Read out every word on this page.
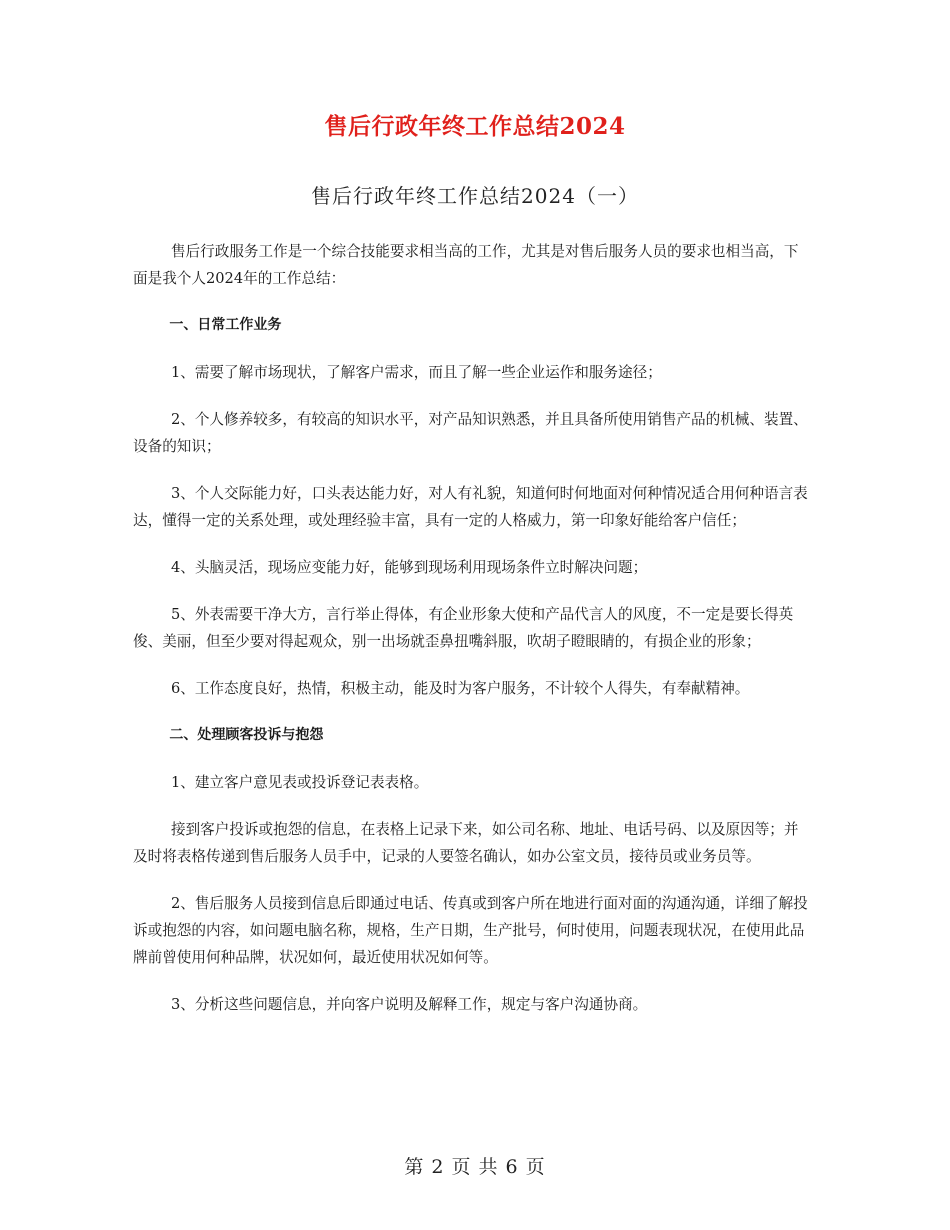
售后行政年终工作总结2024
售后行政年终工作总结2024（一）

售后行政服务工作是一个综合技能要求相当高的工作，尤其是对售后服务人员的要求也相当高，下面是我个人2024年的工作总结：

一、日常工作业务

1、需要了解市场现状，了解客户需求，而且了解一些企业运作和服务途径；

2、个人修养较多，有较高的知识水平，对产品知识熟悉，并且具备所使用销售产品的机械、装置、设备的知识；

3、个人交际能力好，口头表达能力好，对人有礼貌，知道何时何地面对何种情况适合用何种语言表达，懂得一定的关系处理，或处理经验丰富，具有一定的人格威力，第一印象好能给客户信任；

4、头脑灵活，现场应变能力好，能够到现场利用现场条件立时解决问题；

5、外表需要干净大方，言行举止得体，有企业形象大使和产品代言人的风度，不一定是要长得英俊、美丽，但至少要对得起观众，别一出场就歪鼻扭嘴斜服，吹胡子瞪眼睛的，有损企业的形象；

6、工作态度良好，热情，积极主动，能及时为客户服务，不计较个人得失，有奉献精神。

二、处理顾客投诉与抱怨

1、建立客户意见表或投诉登记表表格。

接到客户投诉或抱怨的信息，在表格上记录下来，如公司名称、地址、电话号码、以及原因等；并及时将表格传递到售后服务人员手中，记录的人要签名确认，如办公室文员，接待员或业务员等。

2、售后服务人员接到信息后即通过电话、传真或到客户所在地进行面对面的沟通沟通，详细了解投诉或抱怨的内容，如问题电脑名称，规格，生产日期，生产批号，何时使用，问题表现状况，在使用此品牌前曾使用何种品牌，状况如何，最近使用状况如何等。

3、分析这些问题信息，并向客户说明及解释工作，规定与客户沟通协商。

第 2 页 共 6 页
